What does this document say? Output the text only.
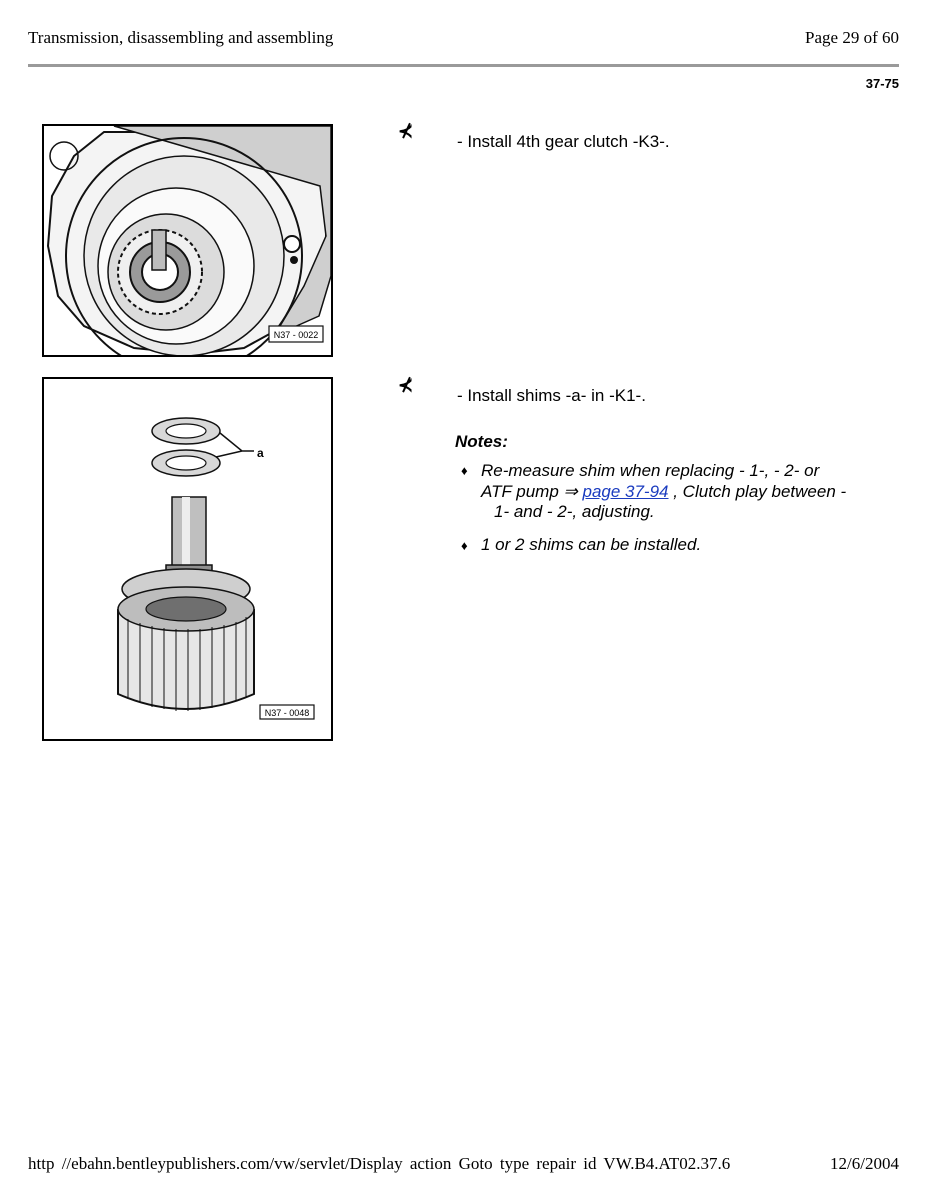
Transmission, disassembling and assembling	Page 29 of 60
37-75
N37 - 0022
a
N37 - 0048
⊀
- Install 4th gear clutch -K3-.
⊀
- Install shims -a- in -K1-.
Notes:
♦ Re-measure shim when replacing - 1-, - 2- or
ATF pump ⇒ page 37-94 , Clutch play between -
1- and - 2-, adjusting.
♦ 1 or 2 shims can be installed.
http //ebahn.bentleypublishers.com/vw/servlet/Display action Goto type repair id VW.B4.AT02.37.6	12/6/2004
